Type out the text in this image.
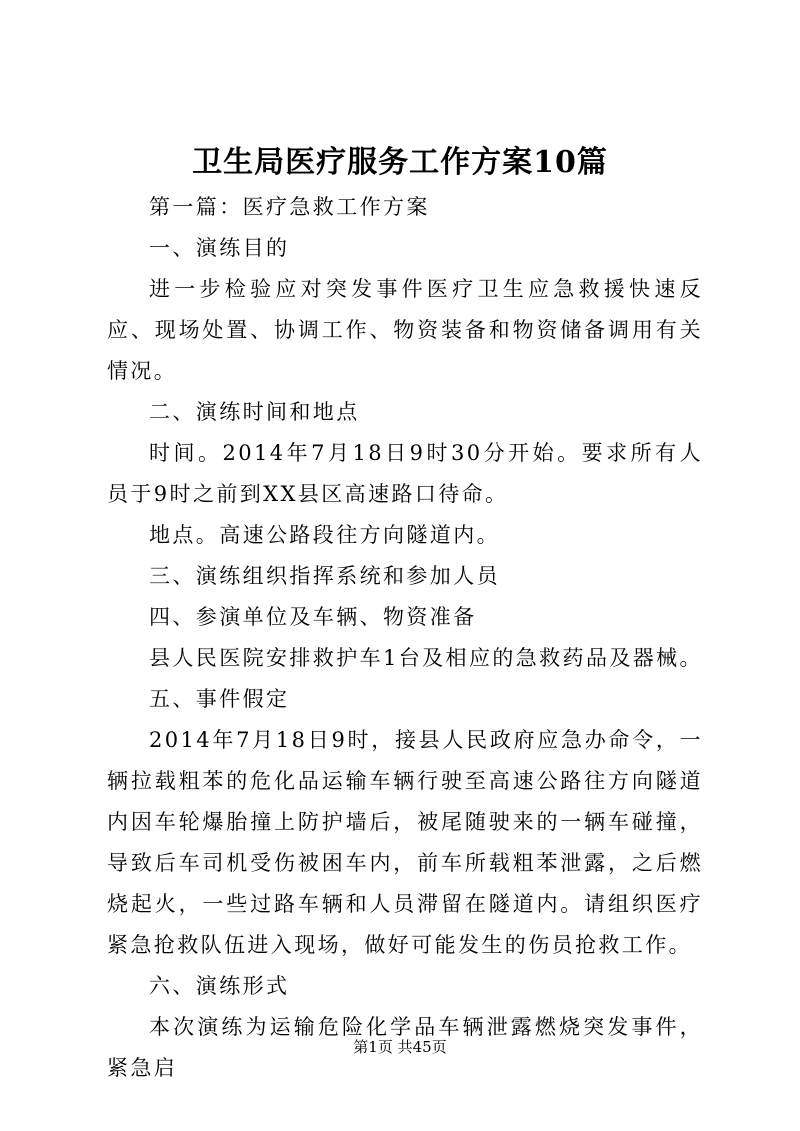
卫生局医疗服务工作方案10篇

第一篇：医疗急救工作方案

一、演练目的

进一步检验应对突发事件医疗卫生应急救援快速反应、现场处置、协调工作、物资装备和物资储备调用有关情况。

二、演练时间和地点

时间。2014年7月18日9时30分开始。要求所有人员于9时之前到XX县区高速路口待命。

地点。高速公路段往方向隧道内。

三、演练组织指挥系统和参加人员

四、参演单位及车辆、物资准备

县人民医院安排救护车1台及相应的急救药品及器械。

五、事件假定

2014年7月18日9时，接县人民政府应急办命令，一辆拉载粗苯的危化品运输车辆行驶至高速公路往方向隧道内因车轮爆胎撞上防护墙后，被尾随驶来的一辆车碰撞，导致后车司机受伤被困车内，前车所载粗苯泄露，之后燃烧起火，一些过路车辆和人员滞留在隧道内。请组织医疗紧急抢救队伍进入现场，做好可能发生的伤员抢救工作。

六、演练形式

本次演练为运输危险化学品车辆泄露燃烧突发事件，紧急启

第1页 共45页
